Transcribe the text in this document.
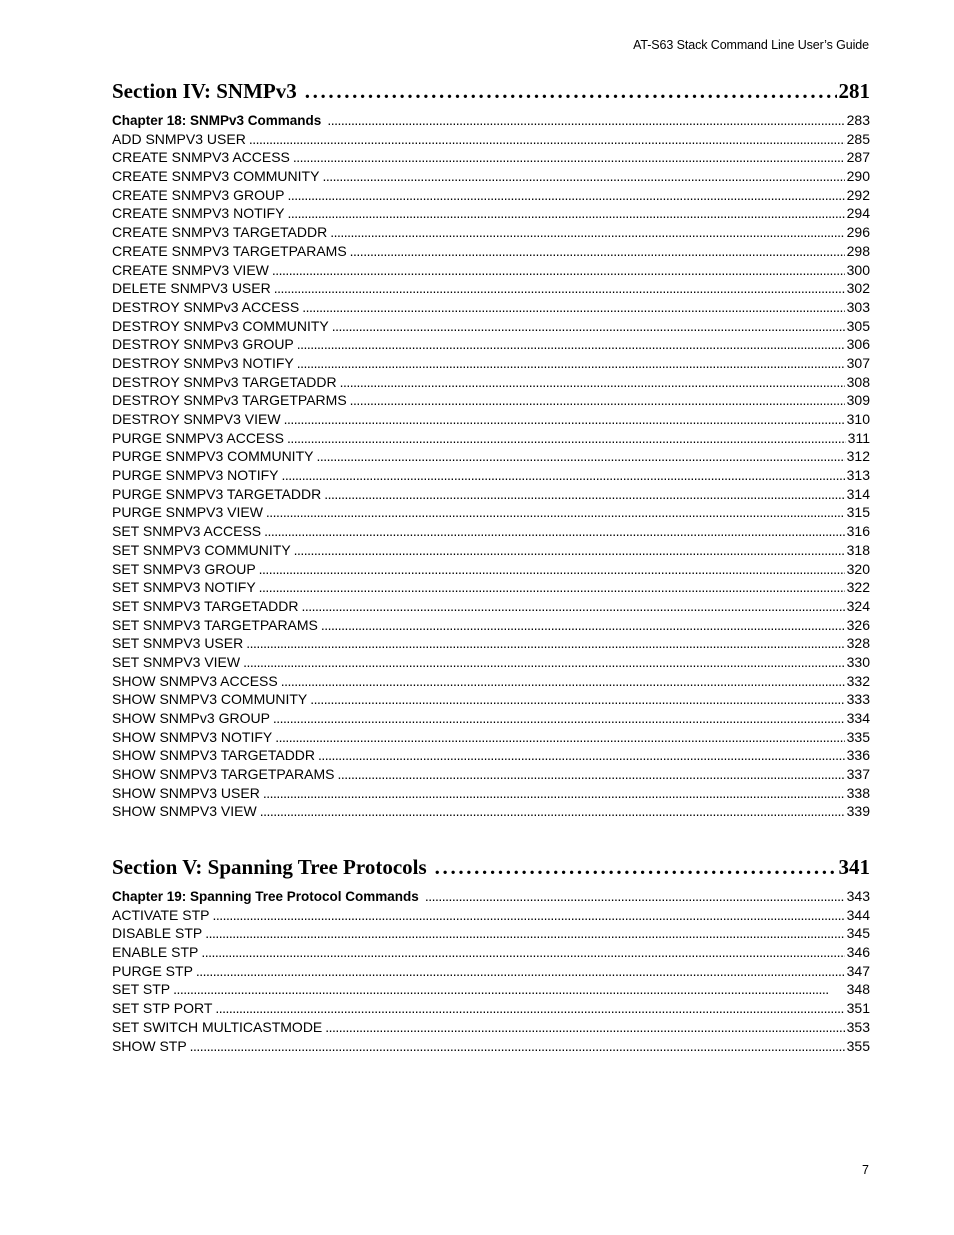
AT-S63 Stack Command Line User’s Guide
Section IV: SNMPv3 . . .	281
Chapter 18: SNMPv3 Commands . . .	283
ADD SNMPV3 USER . . .	285
CREATE SNMPV3 ACCESS . . .	287
CREATE SNMPV3 COMMUNITY . . .	290
CREATE SNMPV3 GROUP . . .	292
CREATE SNMPV3 NOTIFY . . .	294
CREATE SNMPV3 TARGETADDR . . .	296
CREATE SNMPV3 TARGETPARAMS . . .	298
CREATE SNMPV3 VIEW . . .	300
DELETE SNMPV3 USER . . .	302
DESTROY SNMPv3 ACCESS . . .	303
DESTROY SNMPv3 COMMUNITY . . .	305
DESTROY SNMPv3 GROUP . . .	306
DESTROY SNMPv3 NOTIFY . . .	307
DESTROY SNMPv3 TARGETADDR . . .	308
DESTROY SNMPv3 TARGETPARMS . . .	309
DESTROY SNMPV3 VIEW . . .	310
PURGE SNMPV3 ACCESS . . .	311
PURGE SNMPV3 COMMUNITY . . .	312
PURGE SNMPV3 NOTIFY . . .	313
PURGE SNMPV3 TARGETADDR . . .	314
PURGE SNMPV3 VIEW . . .	315
SET SNMPV3 ACCESS . . .	316
SET SNMPV3 COMMUNITY . . .	318
SET SNMPV3 GROUP . . .	320
SET SNMPV3 NOTIFY . . .	322
SET SNMPV3 TARGETADDR . . .	324
SET SNMPV3 TARGETPARAMS . . .	326
SET SNMPV3 USER . . .	328
SET SNMPV3 VIEW . . .	330
SHOW SNMPV3 ACCESS . . .	332
SHOW SNMPV3 COMMUNITY . . .	333
SHOW SNMPv3 GROUP . . .	334
SHOW SNMPV3 NOTIFY . . .	335
SHOW SNMPV3 TARGETADDR . . .	336
SHOW SNMPV3 TARGETPARAMS . . .	337
SHOW SNMPV3 USER . . .	338
SHOW SNMPV3 VIEW . . .	339
Section V: Spanning Tree Protocols . . .	341
Chapter 19: Spanning Tree Protocol Commands . . .	343
ACTIVATE STP . . .	344
DISABLE STP . . .	345
ENABLE STP . . .	346
PURGE STP . . .	347
SET STP . . .	348
SET STP PORT . . .	351
SET SWITCH MULTICASTMODE . . .	353
SHOW STP . . .	355
7
